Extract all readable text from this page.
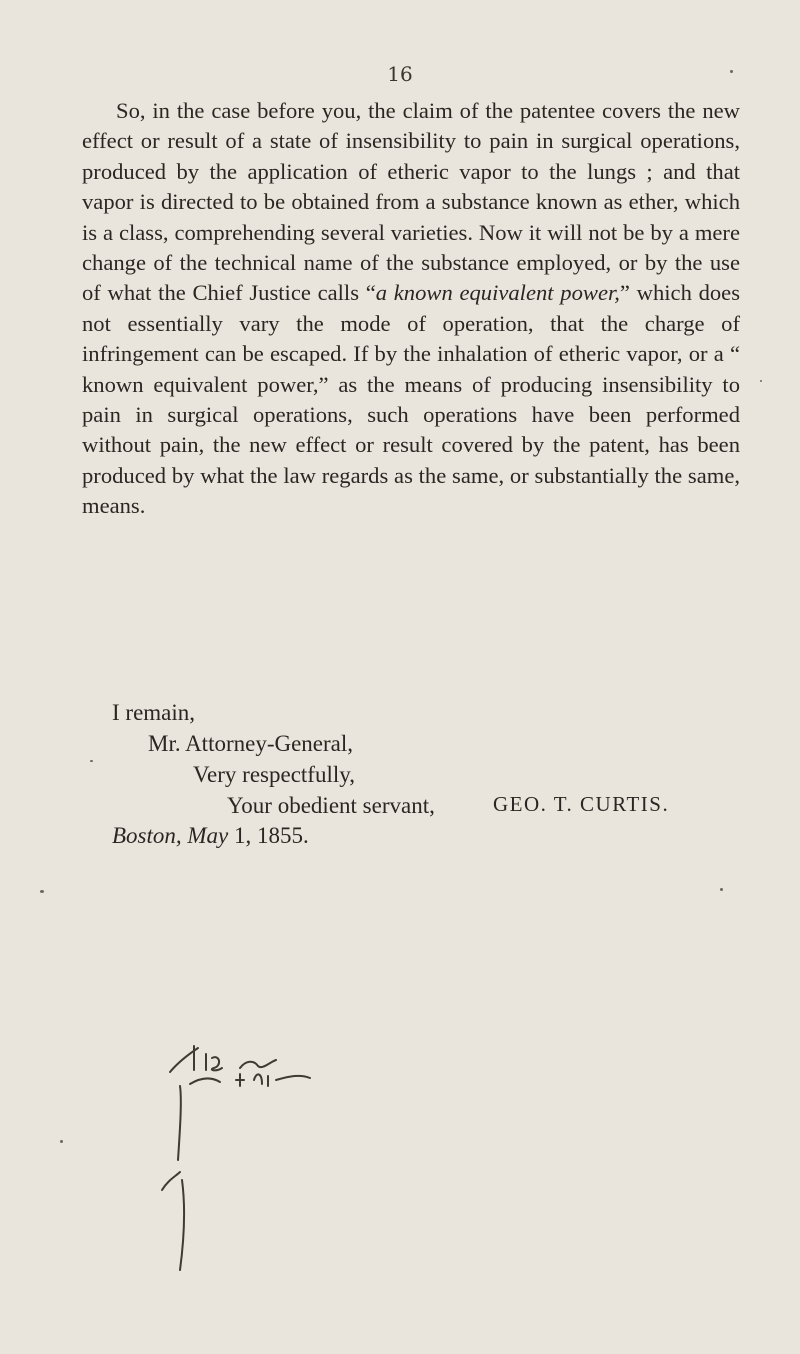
16

So, in the case before you, the claim of the patentee covers the new effect or result of a state of insensibility to pain in surgical operations, produced by the application of etheric vapor to the lungs ; and that vapor is directed to be obtained from a substance known as ether, which is a class, comprehending several varieties. Now it will not be by a mere change of the technical name of the substance employed, or by the use of what the Chief Justice calls “a known equivalent power,” which does not essentially vary the mode of operation, that the charge of infringement can be escaped. If by the inhalation of etheric vapor, or a “ known equivalent power,” as the means of producing insensibility to pain in surgical operations, such operations have been performed without pain, the new effect or result covered by the patent, has been produced by what the law regards as the same, or substantially the same, means.

I remain,
Mr. Attorney-General,
Very respectfully,
Your obedient servant,	GEO. T. CURTIS.
Boston, May 1, 1855.
